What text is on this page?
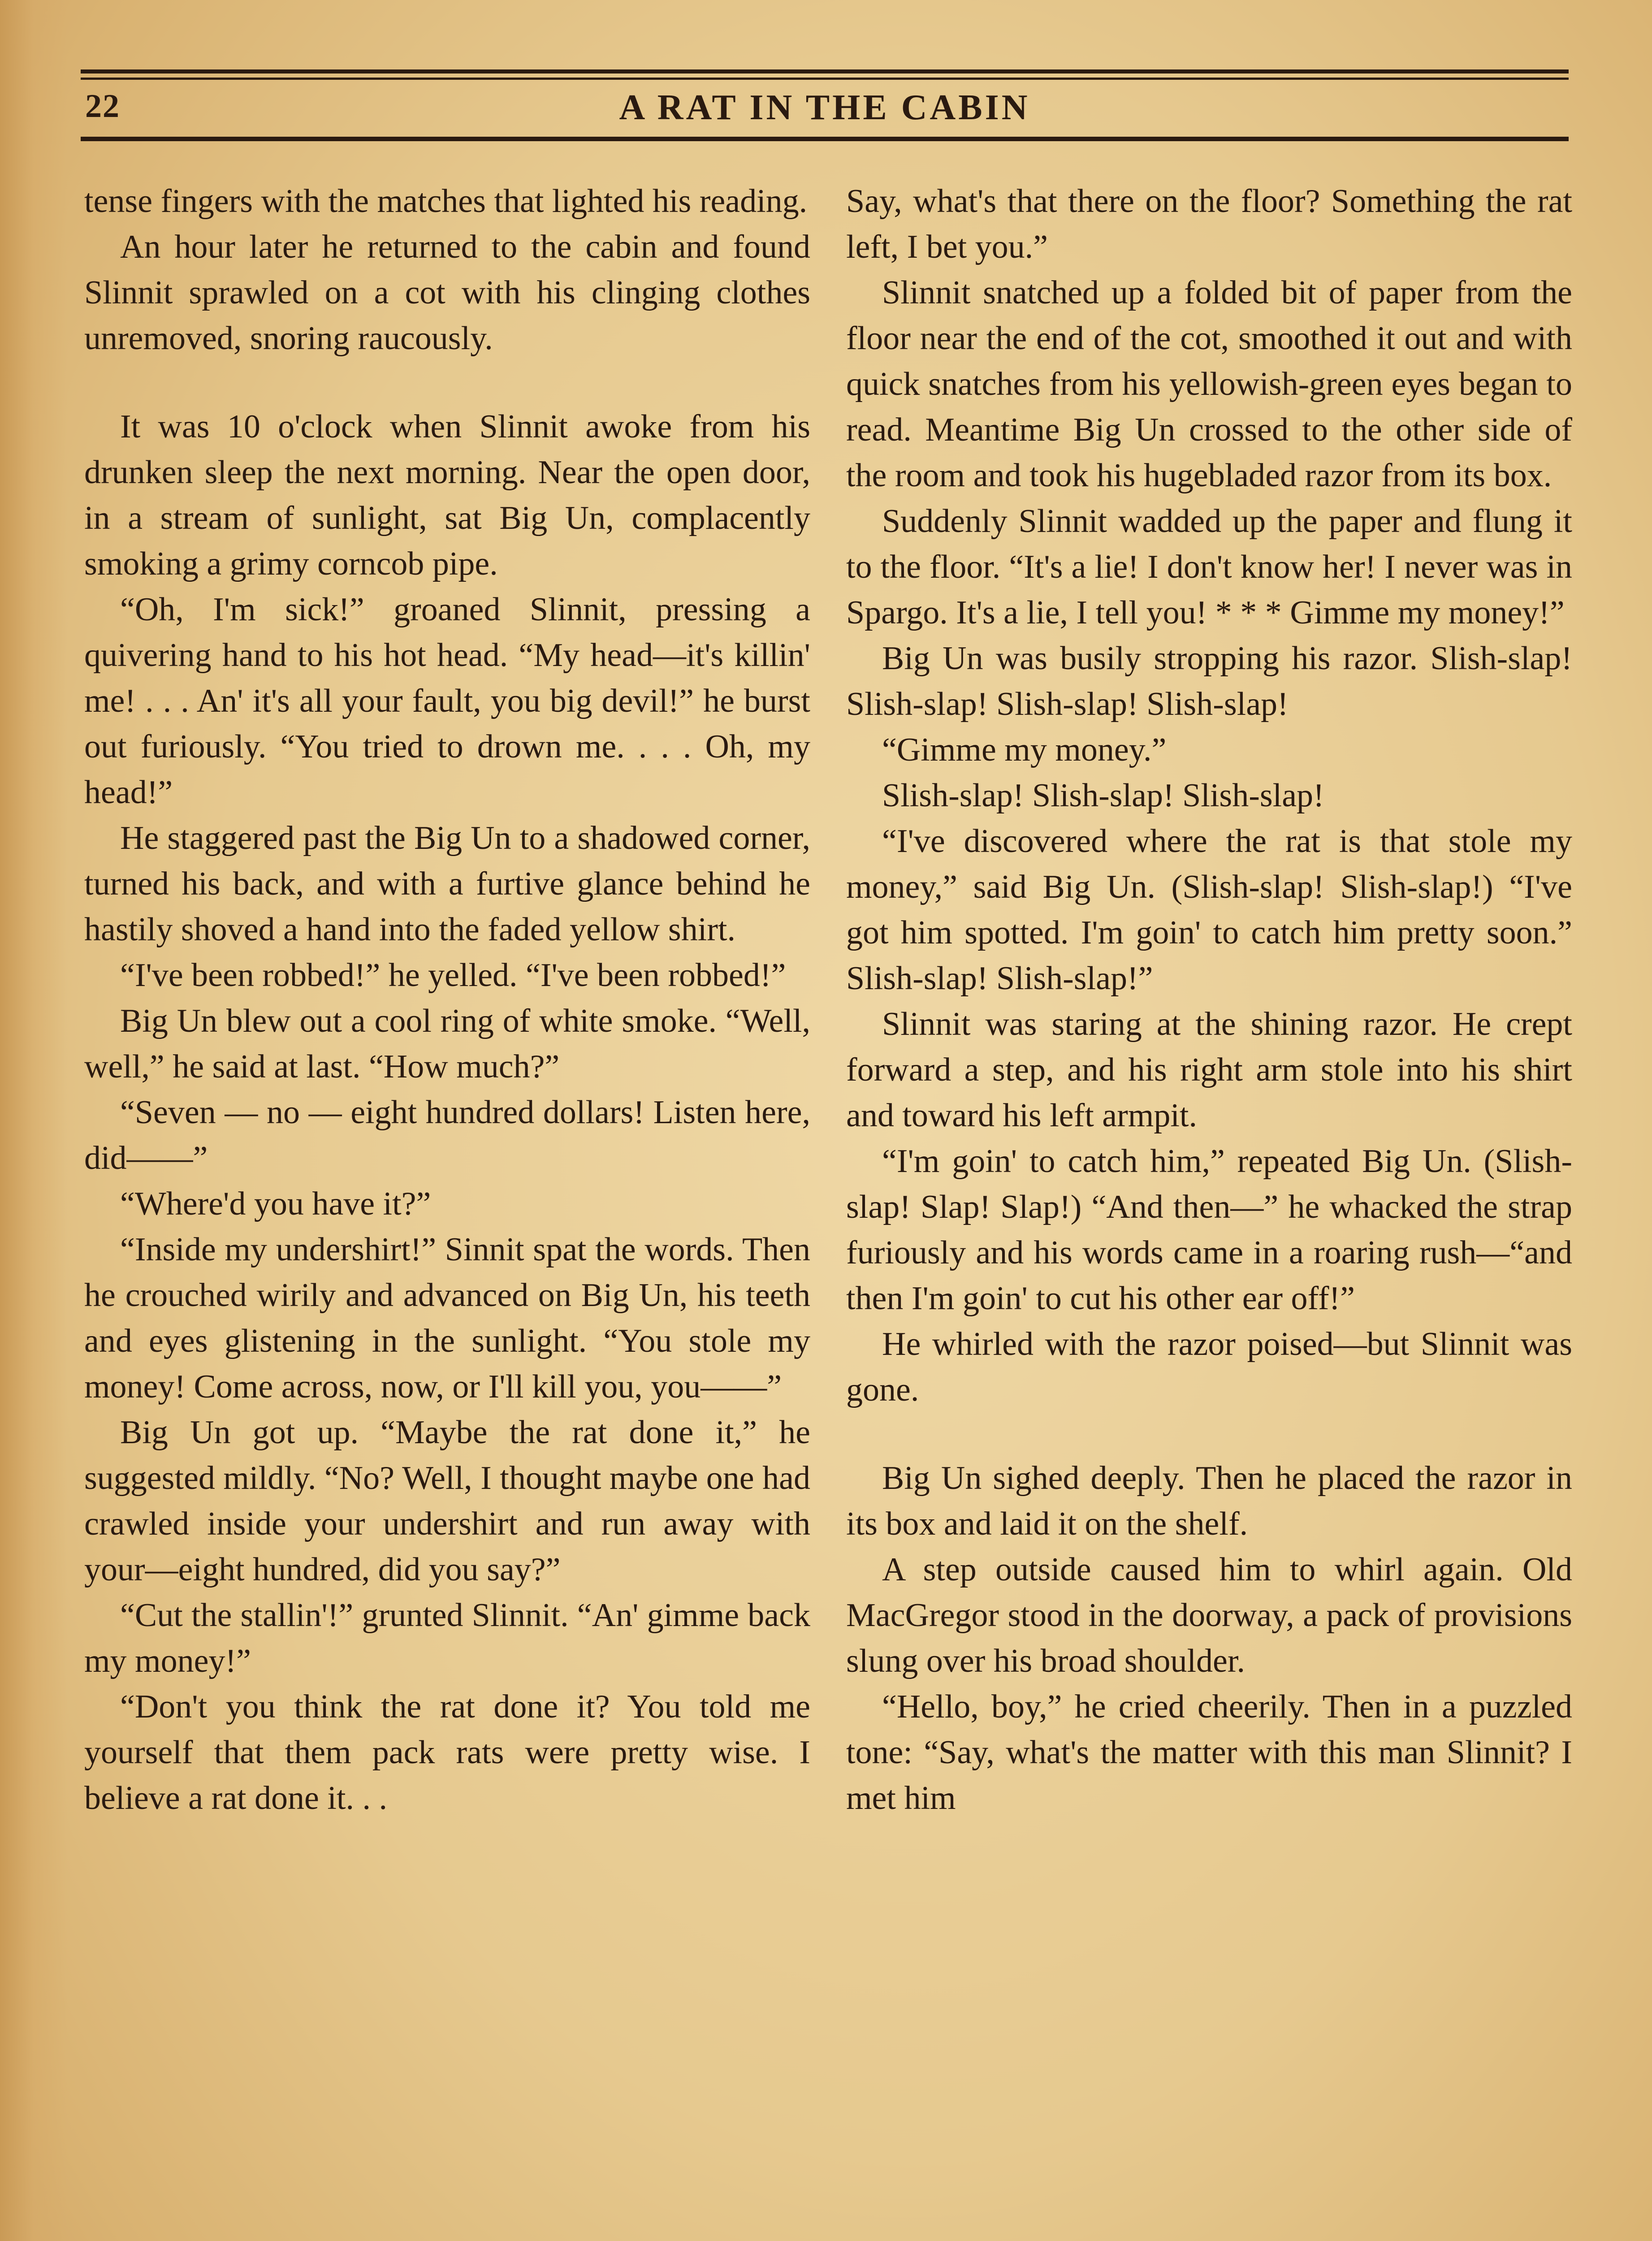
22	A RAT IN THE CABIN

tense fingers with the matches that lighted his reading.

An hour later he returned to the cabin and found Slinnit sprawled on a cot with his clinging clothes unremoved, snoring raucously.

It was 10 o'clock when Slinnit awoke from his drunken sleep the next morning. Near the open door, in a stream of sunlight, sat Big Un, complacently smoking a grimy corncob pipe.

“Oh, I'm sick!” groaned Slinnit, pressing a quivering hand to his hot head. “My head—it's killin' me! . . . An' it's all your fault, you big devil!” he burst out furiously. “You tried to drown me. . . . Oh, my head!”

He staggered past the Big Un to a shadowed corner, turned his back, and with a furtive glance behind he hastily shoved a hand into the faded yellow shirt.

“I've been robbed!” he yelled. “I've been robbed!”

Big Un blew out a cool ring of white smoke. “Well, well,” he said at last. “How much?”

“Seven — no — eight hundred dollars! Listen here, did——”

“Where'd you have it?”

“Inside my undershirt!” Sinnit spat the words. Then he crouched wirily and advanced on Big Un, his teeth and eyes glistening in the sunlight. “You stole my money! Come across, now, or I'll kill you, you——”

Big Un got up. “Maybe the rat done it,” he suggested mildly. “No? Well, I thought maybe one had crawled inside your undershirt and run away with your—eight hundred, did you say?”

“Cut the stallin'!” grunted Slinnit. “An' gimme back my money!”

“Don't you think the rat done it? You told me yourself that them pack rats were pretty wise. I believe a rat done it. . .

Say, what's that there on the floor? Something the rat left, I bet you.”

Slinnit snatched up a folded bit of paper from the floor near the end of the cot, smoothed it out and with quick snatches from his yellowish-green eyes began to read. Meantime Big Un crossed to the other side of the room and took his hugebladed razor from its box.

Suddenly Slinnit wadded up the paper and flung it to the floor. “It's a lie! I don't know her! I never was in Spargo. It's a lie, I tell you! * * * Gimme my money!”

Big Un was busily stropping his razor. Slish-slap! Slish-slap! Slish-slap! Slish-slap!

“Gimme my money.”

Slish-slap! Slish-slap! Slish-slap!

“I've discovered where the rat is that stole my money,” said Big Un. (Slish-slap! Slish-slap!) “I've got him spotted. I'm goin' to catch him pretty soon.” Slish-slap! Slish-slap!”

Slinnit was staring at the shining razor. He crept forward a step, and his right arm stole into his shirt and toward his left armpit.

“I'm goin' to catch him,” repeated Big Un. (Slish-slap! Slap! Slap!) “And then—” he whacked the strap furiously and his words came in a roaring rush—“and then I'm goin' to cut his other ear off!”

He whirled with the razor poised—but Slinnit was gone.

Big Un sighed deeply. Then he placed the razor in its box and laid it on the shelf.

A step outside caused him to whirl again. Old MacGregor stood in the doorway, a pack of provisions slung over his broad shoulder.

“Hello, boy,” he cried cheerily. Then in a puzzled tone: “Say, what's the matter with this man Slinnit? I met him
